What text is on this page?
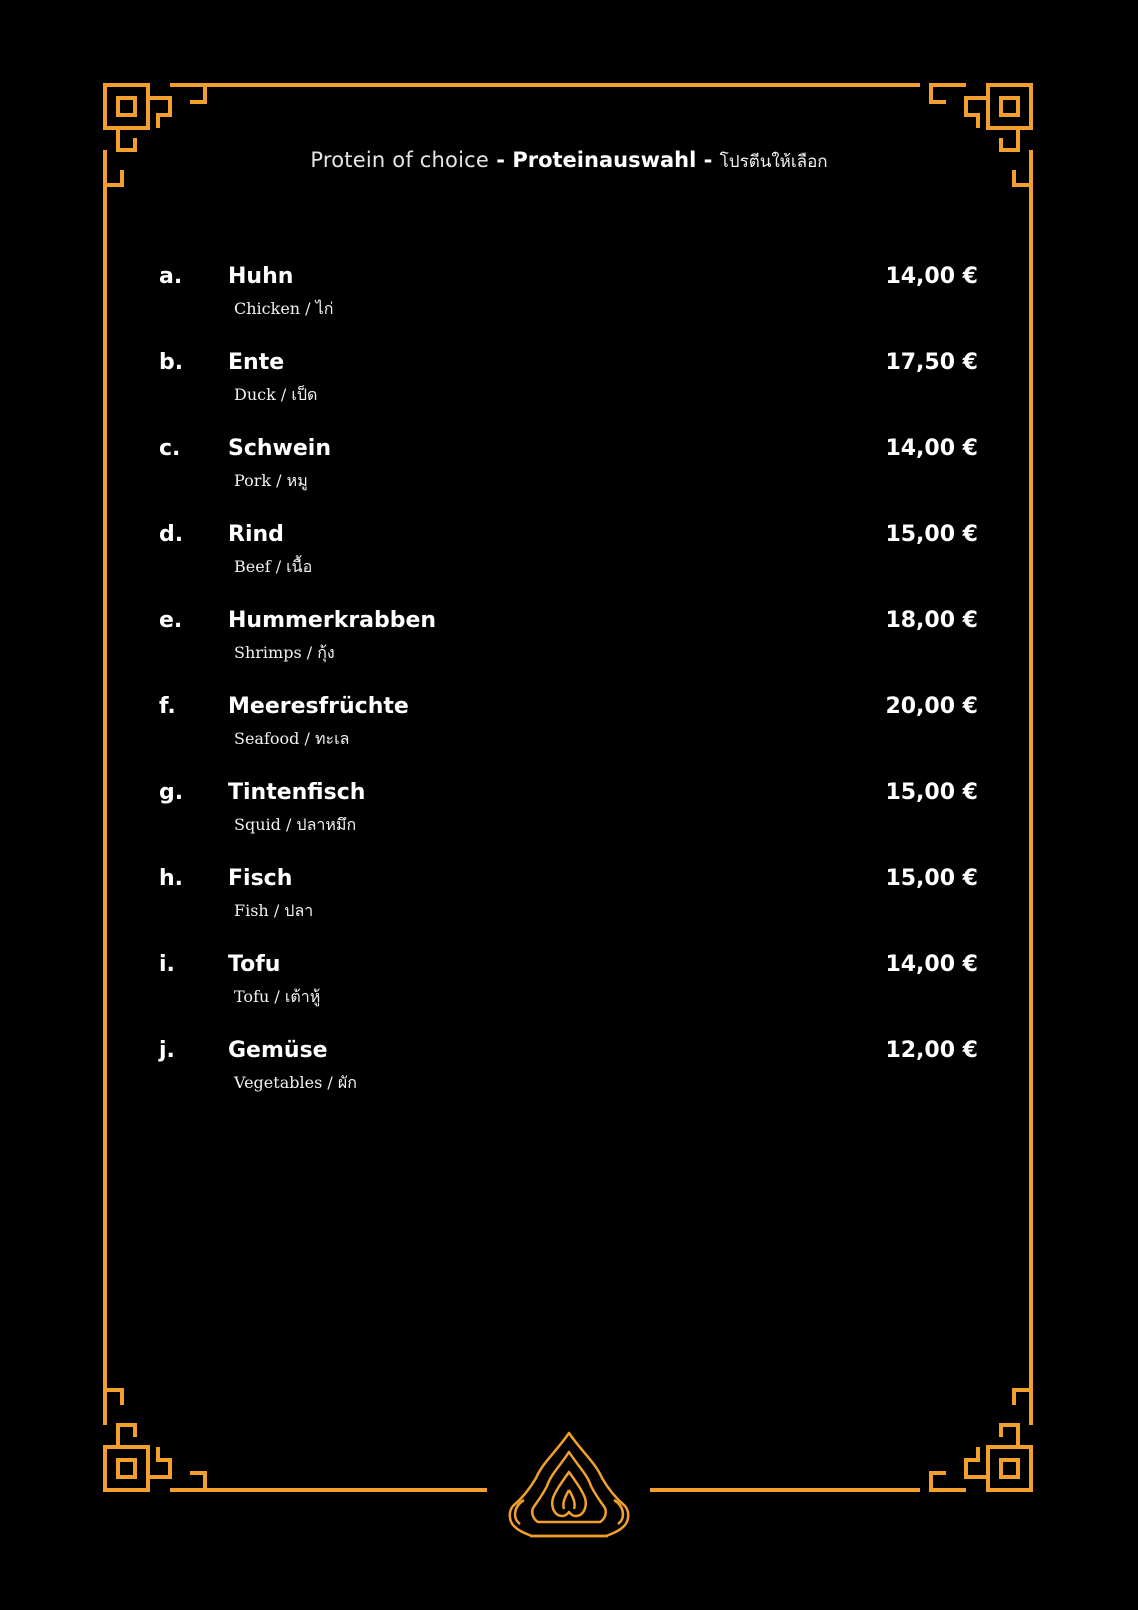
Protein of choice - Proteinauswahl - โปรตีนให้เลือก
a. Huhn
Chicken / ไก่
14,00 €
b. Ente
Duck / เป็ด
17,50 €
c. Schwein
Pork / หมู
14,00 €
d. Rind
Beef / เนื้อ
15,00 €
e. Hummerkrabben
Shrimps / กุ้ง
18,00 €
f. Meeresfrüchte
Seafood / ทะเล
20,00 €
g. Tintenfisch
Squid / ปลาหมึก
15,00 €
h. Fisch
Fish / ปลา
15,00 €
i. Tofu
Tofu / เต้าหู้
14,00 €
j. Gemüse
Vegetables / ผัก
12,00 €
